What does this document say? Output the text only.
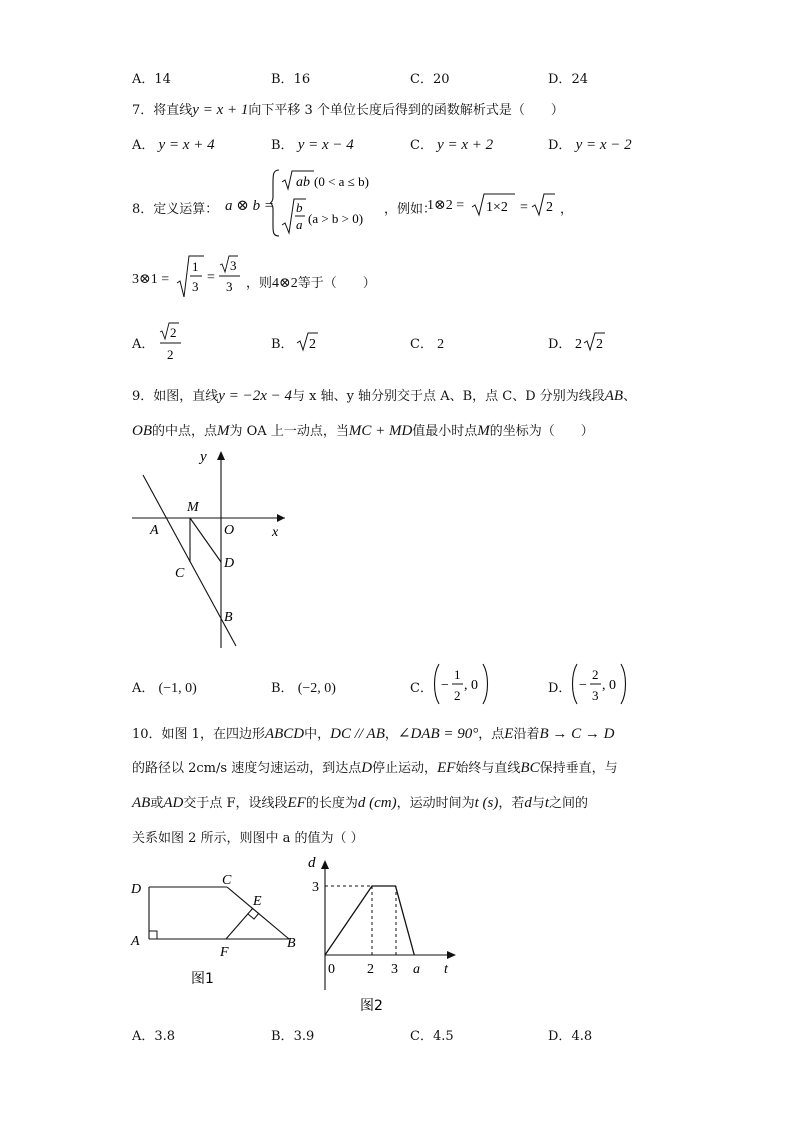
A．14	B．16	C．20	D．24
7．将直线y = x + 1向下平移 3 个单位长度后得到的函数解析式是（　　）
A． y = x + 4	B． y = x − 4	C． y = x + 2	D． y = x − 2
8．定义运算： a ⊗ b =
ab (0 < a ≤ b)
b
a (a > b > 0)
，例如：
1⊗2 = 1×2 = 2 ，
3⊗1 =
1
3
=
3
3 ，则4⊗2等于（　　）
A．
2
2
B． 2	C． 2	D． 2 2
9．如图，直线y = −2x − 4与 x 轴、y 轴分别交于点 A、B，点 C、D 分别为线段AB、
OB的中点，点M为 OA 上一动点，当MC + MD值最小时点M的坐标为（　　）
y
x
M
A	O
C
D
B
A． (−1, 0)	B． (−2, 0)	C． −
1
2
, 0	D． −
2
3
, 0
10．如图 1，在四边形ABCD中，DC // AB，∠DAB = 90°，点E沿着B → C → D
的路径以 2cm/s 速度匀速运动，到达点D停止运动，EF始终与直线BC保持垂直，与
AB或AD交于点 F，设线段EF的长度为d (cm)，运动时间为t (s)，若d与t之间的
关系如图 2 所示，则图中 a 的值为（ ）
D
C
E
A
F
B
图1
d
3
0 2 3 a t
图2
A．3.8	B．3.9	C．4.5	D．4.8
